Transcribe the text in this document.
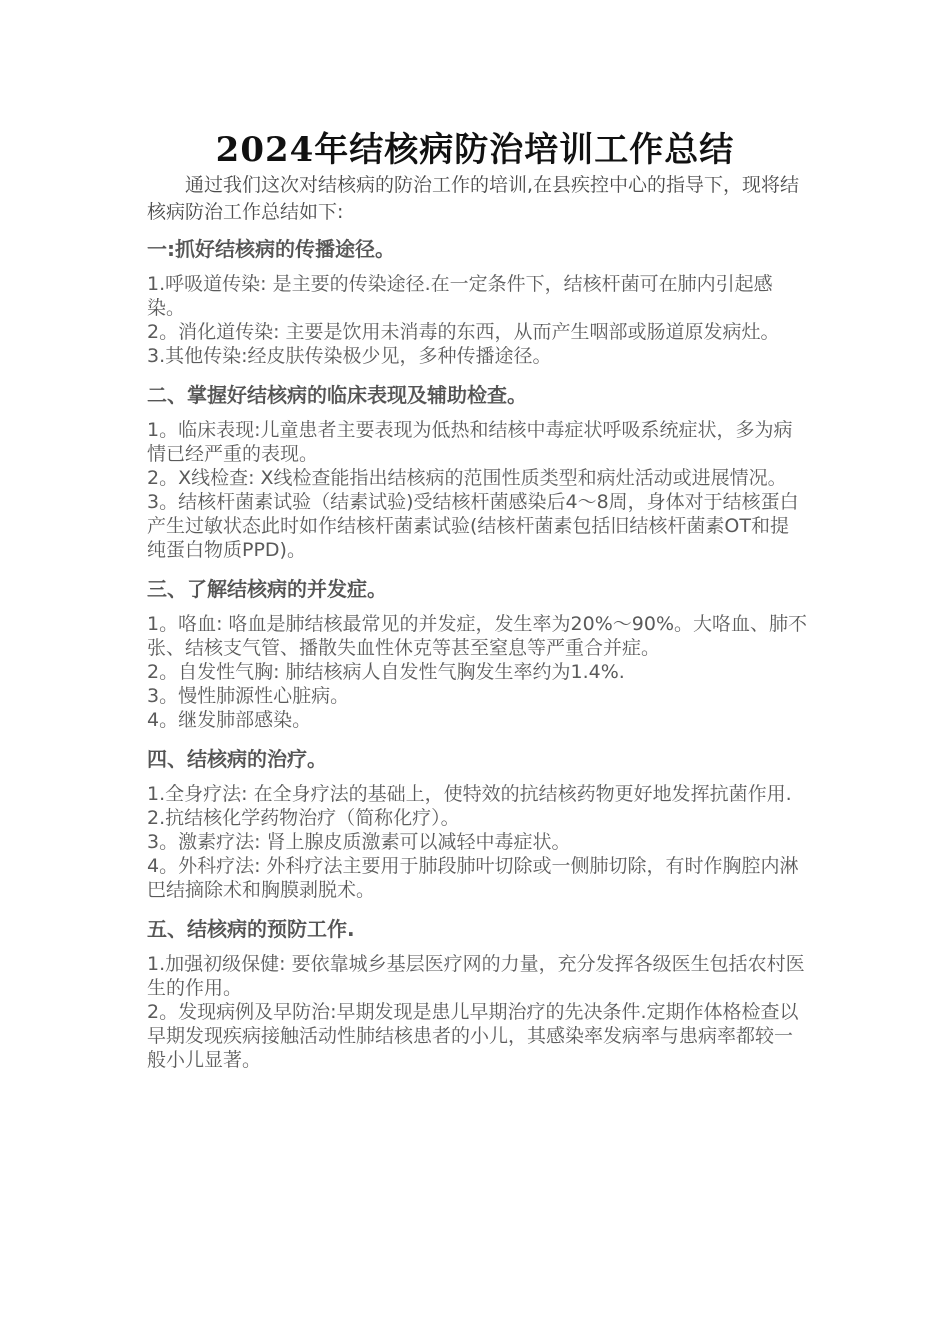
2024年结核病防治培训工作总结

通过我们这次对结核病的防治工作的培训,在县疾控中心的指导下，现将结核病防治工作总结如下:

一:抓好结核病的传播途径。

1.呼吸道传染: 是主要的传染途径.在一定条件下，结核杆菌可在肺内引起感染。

2。消化道传染: 主要是饮用未消毒的东西，从而产生咽部或肠道原发病灶。

3.其他传染:经皮肤传染极少见，多种传播途径。

二、掌握好结核病的临床表现及辅助检查。

1。临床表现:儿童患者主要表现为低热和结核中毒症状呼吸系统症状，多为病情已经严重的表现。

2。X线检查: X线检查能指出结核病的范围性质类型和病灶活动或进展情况。

3。结核杆菌素试验（结素试验)受结核杆菌感染后4～8周，身体对于结核蛋白产生过敏状态此时如作结核杆菌素试验(结核杆菌素包括旧结核杆菌素OT和提纯蛋白物质PPD)。

三、了解结核病的并发症。

1。咯血: 咯血是肺结核最常见的并发症，发生率为20%～90%。大咯血、肺不张、结核支气管、播散失血性休克等甚至窒息等严重合并症。

2。自发性气胸: 肺结核病人自发性气胸发生率约为1.4%.

3。慢性肺源性心脏病。

4。继发肺部感染。

四、结核病的治疗。

1.全身疗法: 在全身疗法的基础上，使特效的抗结核药物更好地发挥抗菌作用.

2.抗结核化学药物治疗（简称化疗）。

3。激素疗法: 肾上腺皮质激素可以减轻中毒症状。

4。外科疗法: 外科疗法主要用于肺段肺叶切除或一侧肺切除，有时作胸腔内淋巴结摘除术和胸膜剥脱术。

五、结核病的预防工作.

1.加强初级保健: 要依靠城乡基层医疗网的力量，充分发挥各级医生包括农村医生的作用。

2。发现病例及早防治:早期发现是患儿早期治疗的先决条件.定期作体格检查以早期发现疾病接触活动性肺结核患者的小儿，其感染率发病率与患病率都较一般小儿显著。
